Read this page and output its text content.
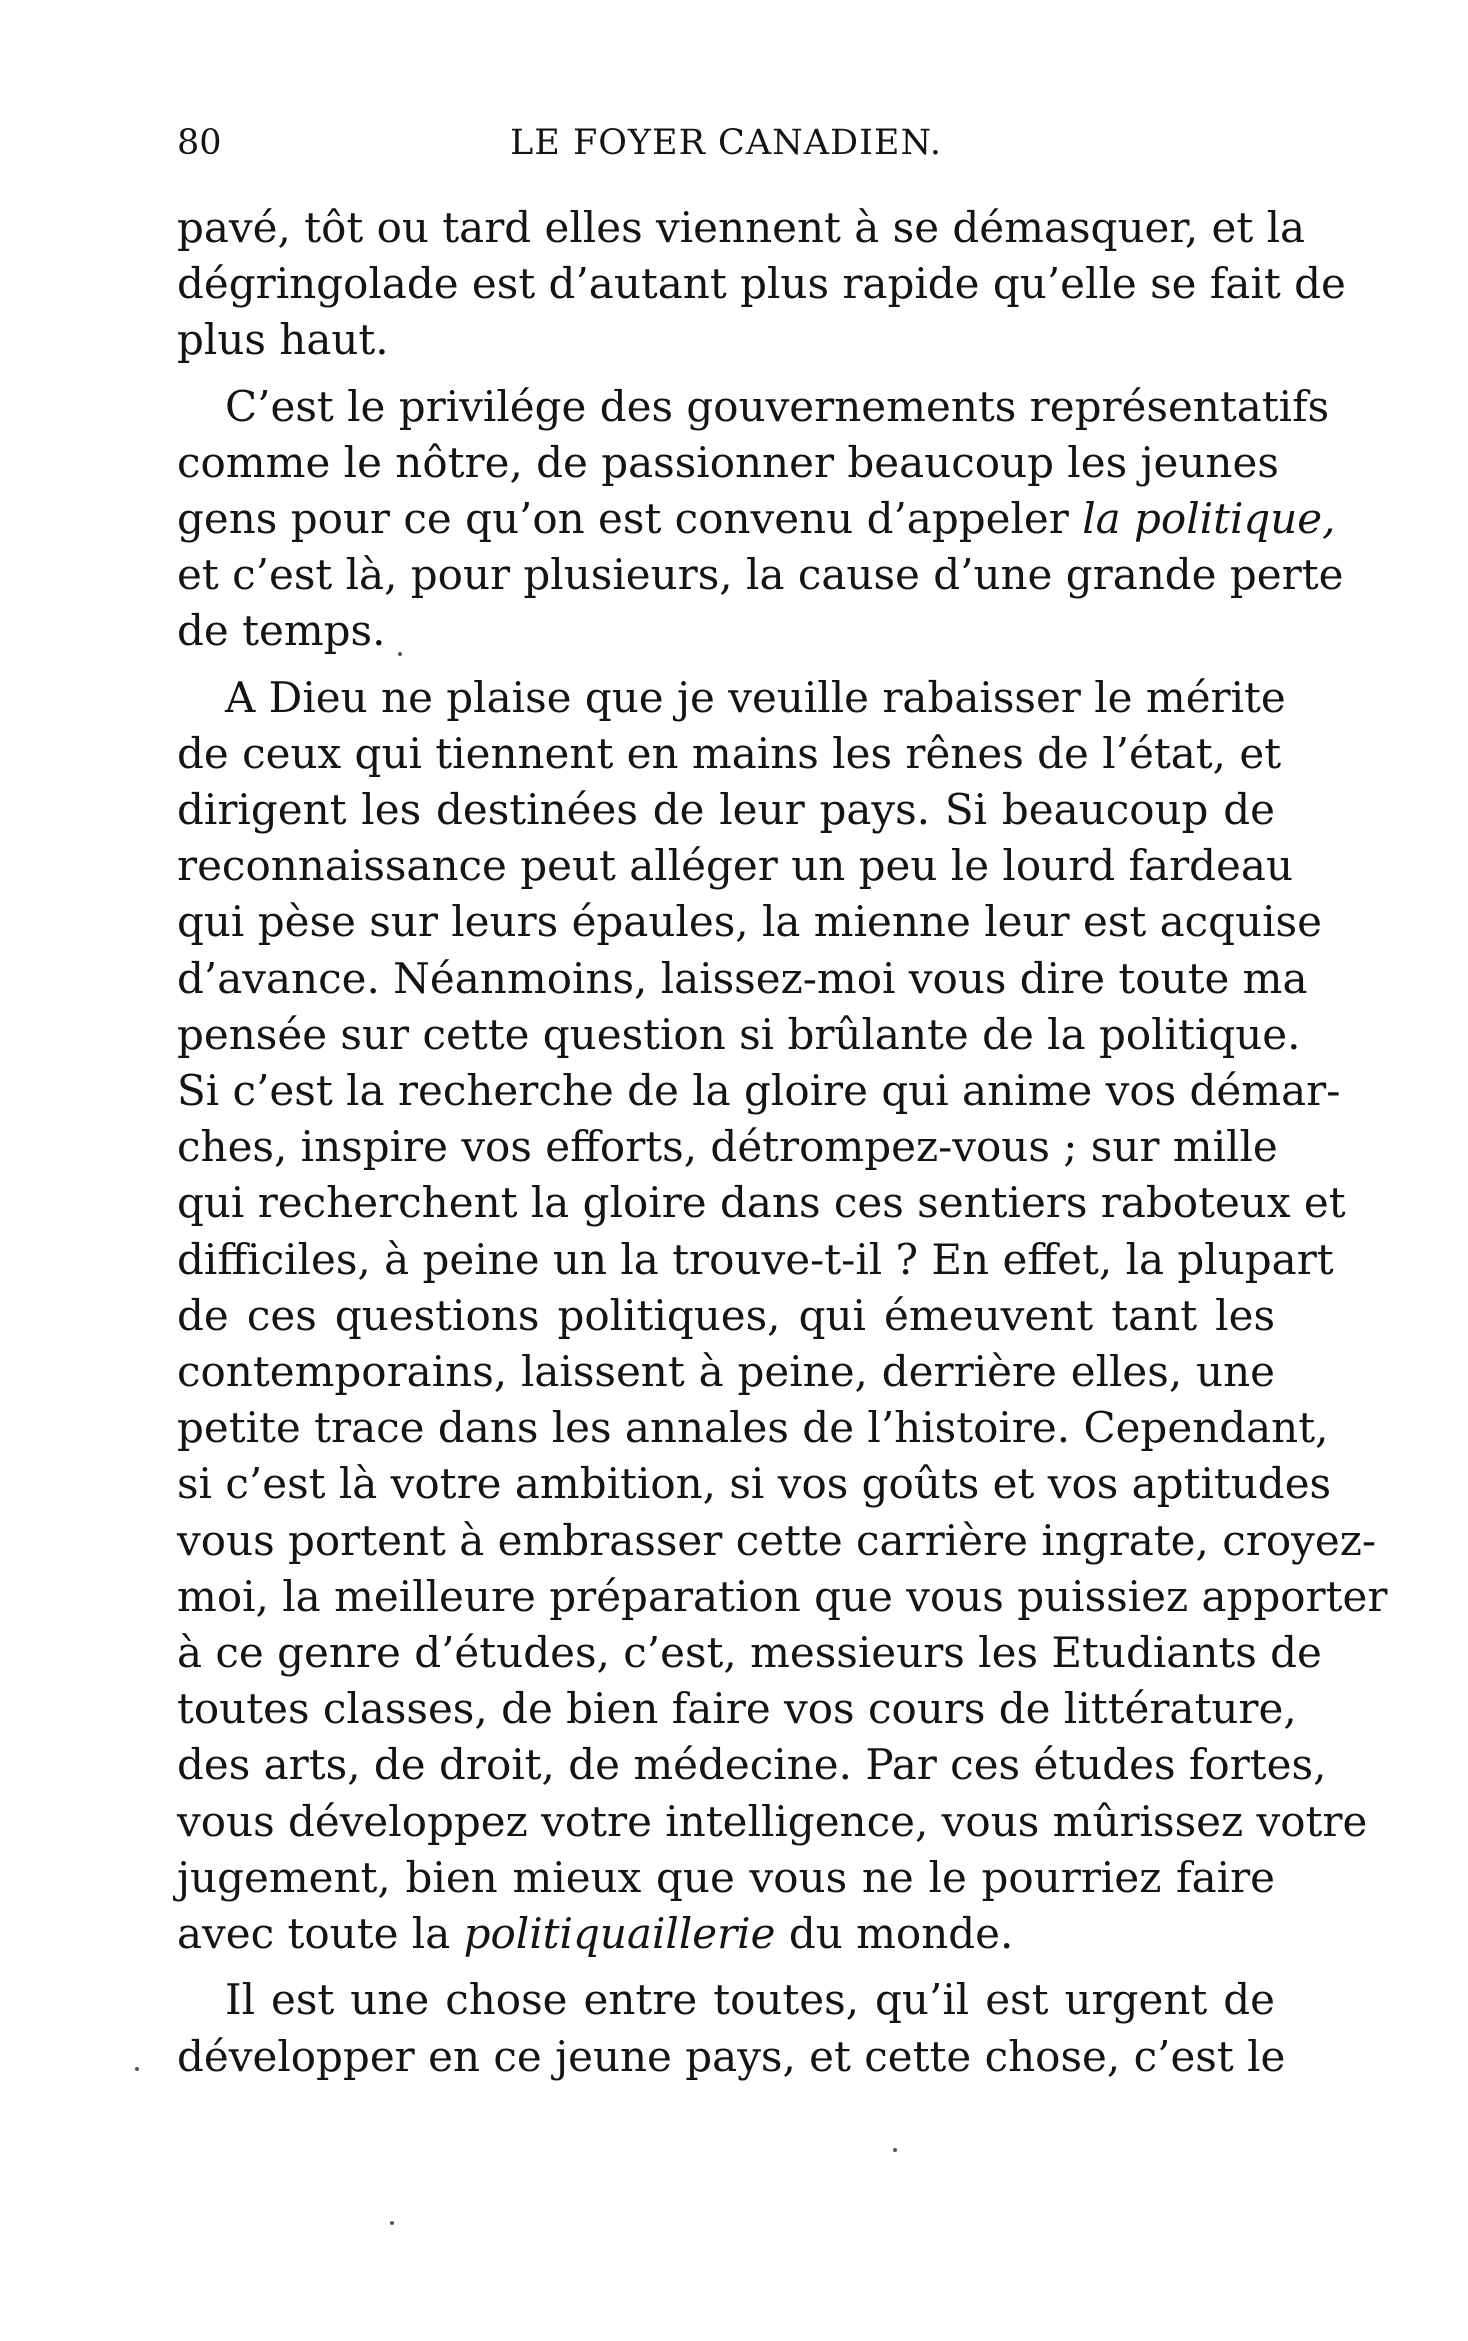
80	LE FOYER CANADIEN.
pavé, tôt ou tard elles viennent à se démasquer, et la
dégringolade est d’autant plus rapide qu’elle se fait de
plus haut.
C’est le privilége des gouvernements représentatifs
comme le nôtre, de passionner beaucoup les jeunes
gens pour ce qu’on est convenu d’appeler la politique,
et c’est là, pour plusieurs, la cause d’une grande perte
de temps.
A Dieu ne plaise que je veuille rabaisser le mérite
de ceux qui tiennent en mains les rênes de l’état, et
dirigent les destinées de leur pays. Si beaucoup de
reconnaissance peut alléger un peu le lourd fardeau
qui pèse sur leurs épaules, la mienne leur est acquise
d’avance. Néanmoins, laissez-moi vous dire toute ma
pensée sur cette question si brûlante de la politique.
Si c’est la recherche de la gloire qui anime vos démar-
ches, inspire vos efforts, détrompez-vous ; sur mille
qui recherchent la gloire dans ces sentiers raboteux et
difficiles, à peine un la trouve-t-il ? En effet, la plupart
de ces questions politiques, qui émeuvent tant les
contemporains, laissent à peine, derrière elles, une
petite trace dans les annales de l’histoire. Cependant,
si c’est là votre ambition, si vos goûts et vos aptitudes
vous portent à embrasser cette carrière ingrate, croyez-
moi, la meilleure préparation que vous puissiez apporter
à ce genre d’études, c’est, messieurs les Etudiants de
toutes classes, de bien faire vos cours de littérature,
des arts, de droit, de médecine. Par ces études fortes,
vous développez votre intelligence, vous mûrissez votre
jugement, bien mieux que vous ne le pourriez faire
avec toute la politiquaillerie du monde.
Il est une chose entre toutes, qu’il est urgent de
développer en ce jeune pays, et cette chose, c’est le
